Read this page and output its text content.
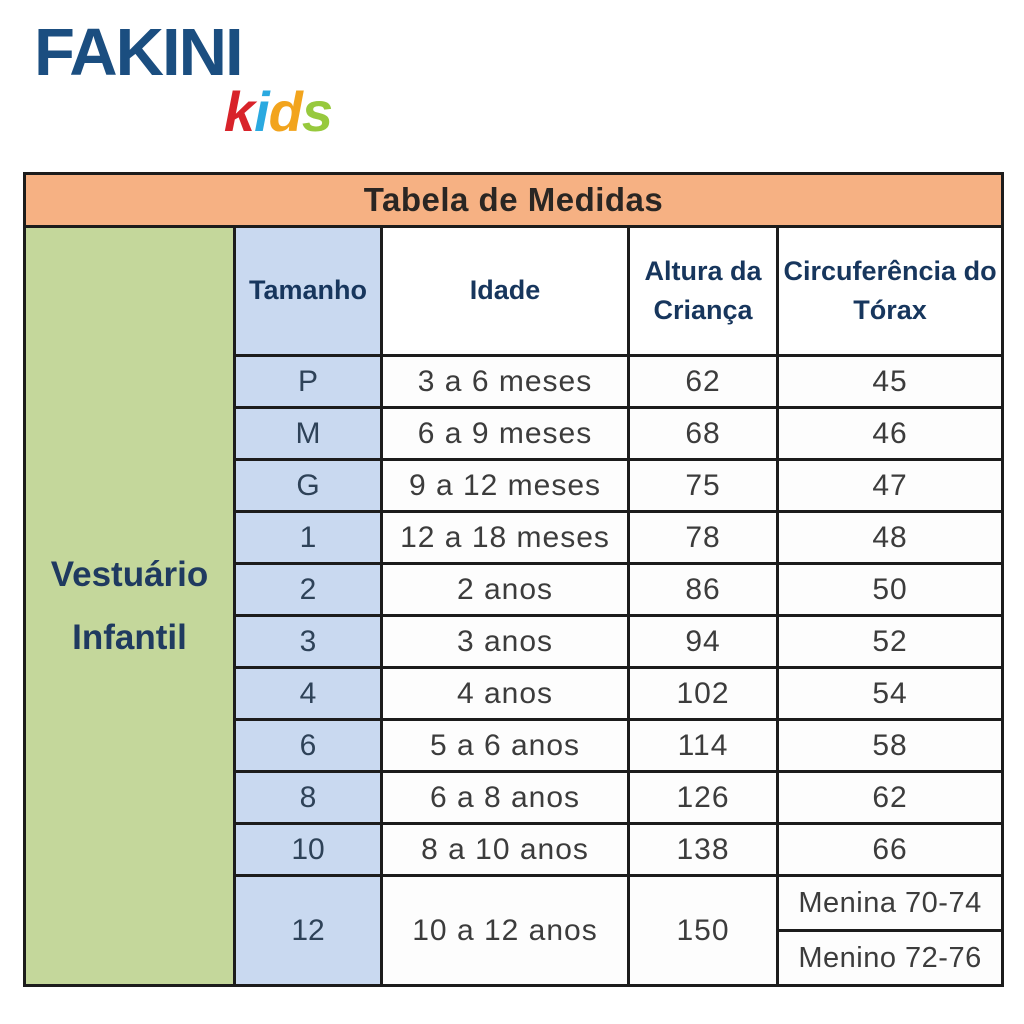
FAKINI
kids
Tabela de Medidas				

Vestuário
Infantil	Tamanho	Idade	Altura da Criança	Circuferência do Tórax
	P	3 a 6 meses	62	45
	M	6 a 9 meses	68	46
	G	9 a 12 meses	75	47
	1	12 a 18 meses	78	48
	2	2 anos	86	50
	3	3 anos	94	52
	4	4 anos	102	54
	6	5 a 6 anos	114	58
	8	6 a 8 anos	126	62
	10	8 a 10 anos	138	66
	12	10 a 12 anos	150	Menina 70-74
				Menino 72-76
